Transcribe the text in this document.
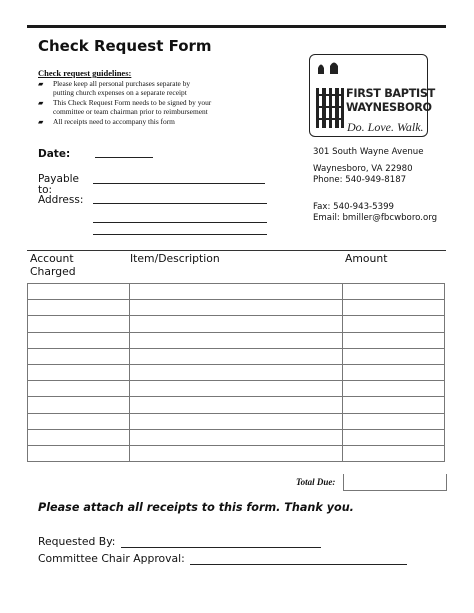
Check Request Form
Check request guidelines:
▰	Please keep all personal purchases separate by
putting church expenses on a separate receipt
▰	This Check Request Form needs to be signed by your
committee or team chairman prior to reimbursement
▰	All receipts need to accompany this form
FIRST BAPTIST
WAYNESBORO
Do. Love. Walk.
301 South Wayne Avenue
Waynesboro, VA 22980
Phone: 540-949-8187
Fax: 540-943-5399
Email: bmiller@fbcwboro.org
Date:
Payable
to:
Address:
Account
Charged
Item/Description	Amount

Total Due:
Please attach all receipts to this form. Thank you.
Requested By:
Committee Chair Approval:
